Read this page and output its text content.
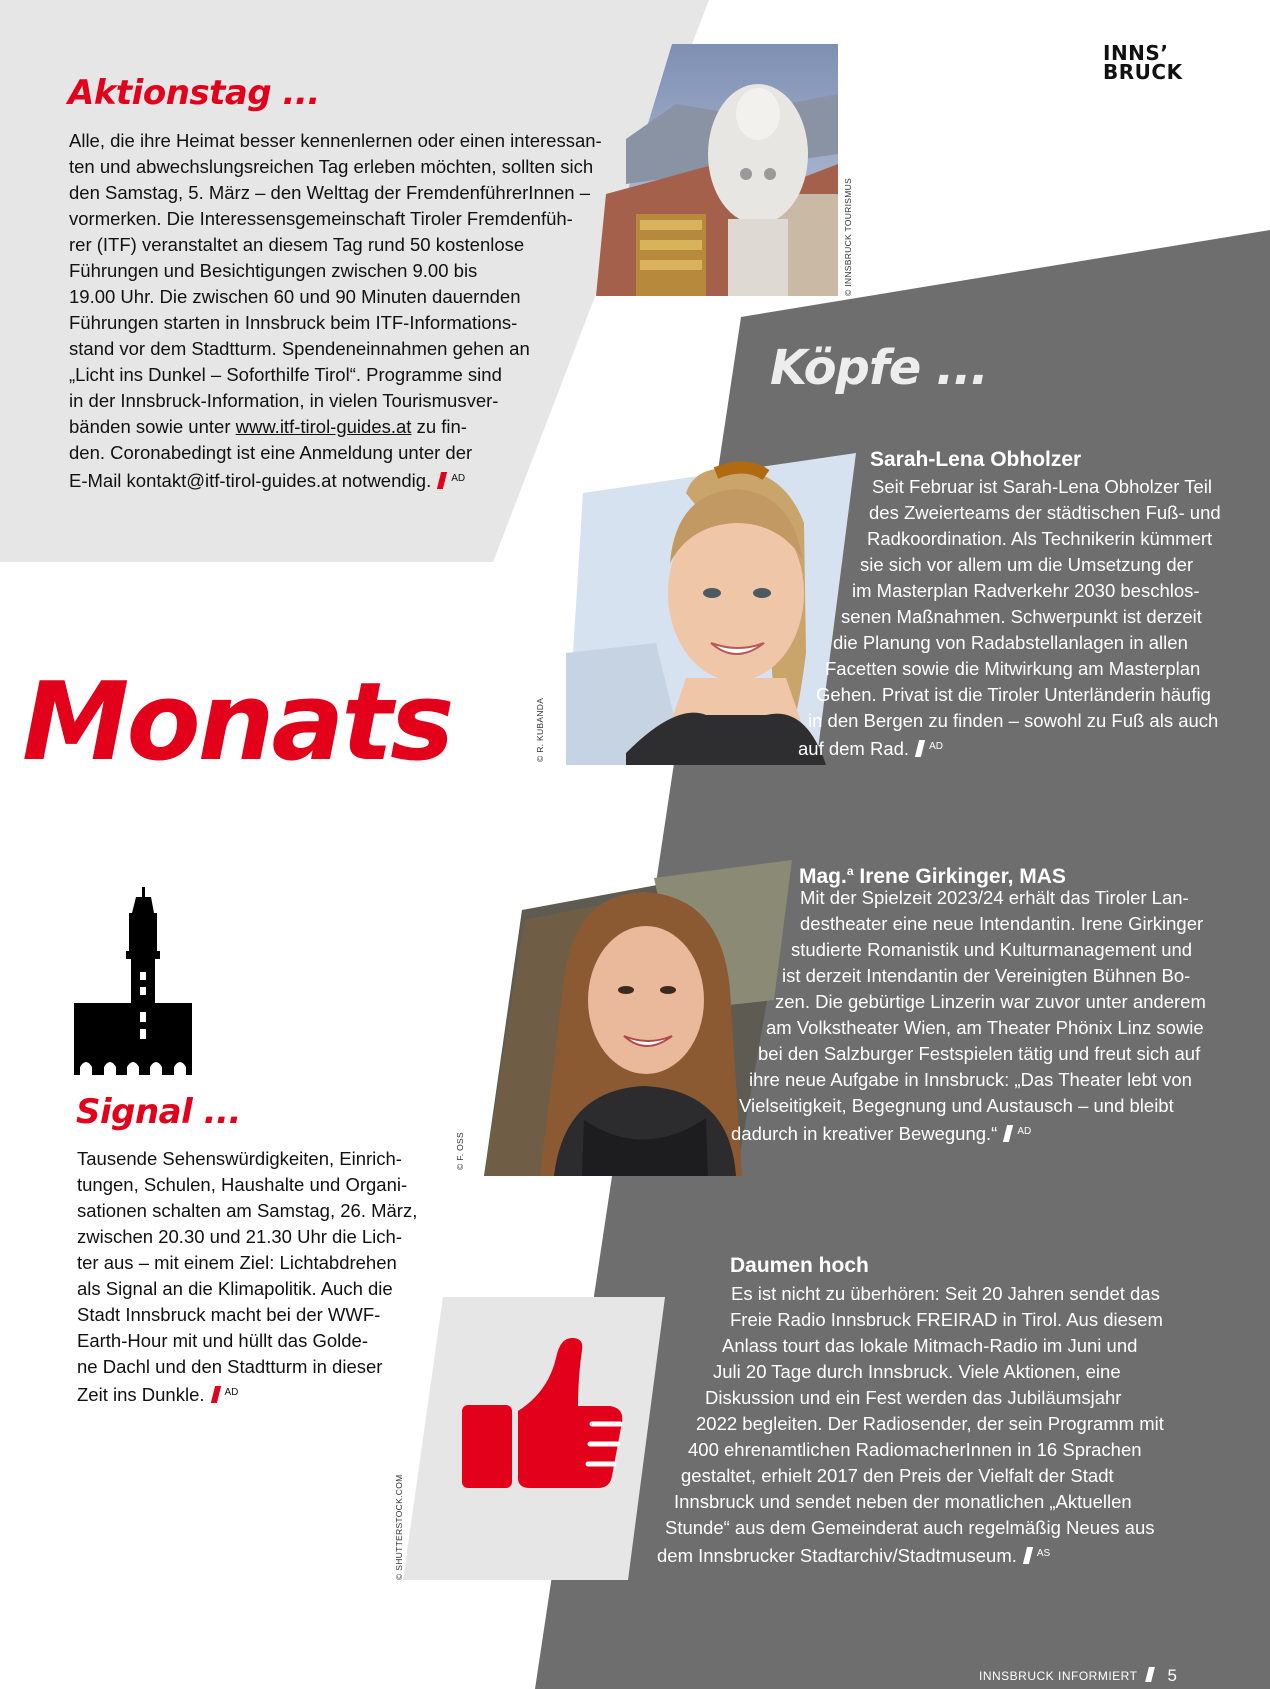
INNS’
BRUCK
© INNSBRUCK TOURISMUS
Aktionstag ...
Alle, die ihre Heimat besser kennenlernen oder einen interessan-
ten und abwechslungsreichen Tag erleben möchten, sollten sich
den Samstag, 5. März – den Welttag der FremdenführerInnen –
vormerken. Die Interessensgemeinschaft Tiroler Fremdenfüh-
rer (ITF) veranstaltet an diesem Tag rund 50 kostenlose
Führungen und Besichtigungen zwischen 9.00 bis
19.00 Uhr. Die zwischen 60 und 90 Minuten dauernden
Führungen starten in Innsbruck beim ITF-Informations-
stand vor dem Stadtturm. Spendeneinnahmen gehen an
„Licht ins Dunkel – Soforthilfe Tirol“. Programme sind
in der Innsbruck-Information, in vielen Tourismusver-
bänden sowie unter www.itf-tirol-guides.at zu fin-
den. Coronabedingt ist eine Anmeldung unter der
E-Mail kontakt@itf-tirol-guides.at notwendig. $^{AD}$
Köpfe ...
Monats	© R. KUBANDA
Sarah-Lena Obholzer
Seit Februar ist Sarah-Lena Obholzer Teil
des Zweierteams der städtischen Fuß- und
Radkoordination. Als Technikerin kümmert
sie sich vor allem um die Umsetzung der
im Masterplan Radverkehr 2030 beschlos-
senen Maßnahmen. Schwerpunkt ist derzeit
die Planung von Radabstellanlagen in allen
Facetten sowie die Mitwirkung am Masterplan
Gehen. Privat ist die Tiroler Unterländerin häufig
in den Bergen zu finden – sowohl zu Fuß als auch
auf dem Rad. $^{AD}$
© F. OSS
Mag.$^a$ Irene Girkinger, MAS
Mit der Spielzeit 2023/24 erhält das Tiroler Lan-
destheater eine neue Intendantin. Irene Girkinger
studierte Romanistik und Kulturmanagement und
ist derzeit Intendantin der Vereinigten Bühnen Bo-
zen. Die gebürtige Linzerin war zuvor unter anderem
am Volkstheater Wien, am Theater Phönix Linz sowie
bei den Salzburger Festspielen tätig und freut sich auf
ihre neue Aufgabe in Innsbruck: „Das Theater lebt von
Vielseitigkeit, Begegnung und Austausch – und bleibt
dadurch in kreativer Bewegung.“ $^{AD}$
Signal ...
Tausende Sehenswürdigkeiten, Einrich-
tungen, Schulen, Haushalte und Organi-
sationen schalten am Samstag, 26. März,
zwischen 20.30 und 21.30 Uhr die Lich-
ter aus – mit einem Ziel: Lichtabdrehen
als Signal an die Klimapolitik. Auch die
Stadt Innsbruck macht bei der WWF-
Earth-Hour mit und hüllt das Golde-
ne Dachl und den Stadtturm in dieser
Zeit ins Dunkle. $^{AD}$
© SHUTTERSTOCK.COM
Daumen hoch
Es ist nicht zu überhören: Seit 20 Jahren sendet das
Freie Radio Innsbruck FREIRAD in Tirol. Aus diesem
Anlass tourt das lokale Mitmach-Radio im Juni und
Juli 20 Tage durch Innsbruck. Viele Aktionen, eine
Diskussion und ein Fest werden das Jubiläumsjahr
2022 begleiten. Der Radiosender, der sein Programm mit
400 ehrenamtlichen RadiomacherInnen in 16 Sprachen
gestaltet, erhielt 2017 den Preis der Vielfalt der Stadt
Innsbruck und sendet neben der monatlichen „Aktuellen
Stunde“ aus dem Gemeinderat auch regelmäßig Neues aus
dem Innsbrucker Stadtarchiv/Stadtmuseum. $^{AS}$
INNSBRUCK INFORMIERT 5
